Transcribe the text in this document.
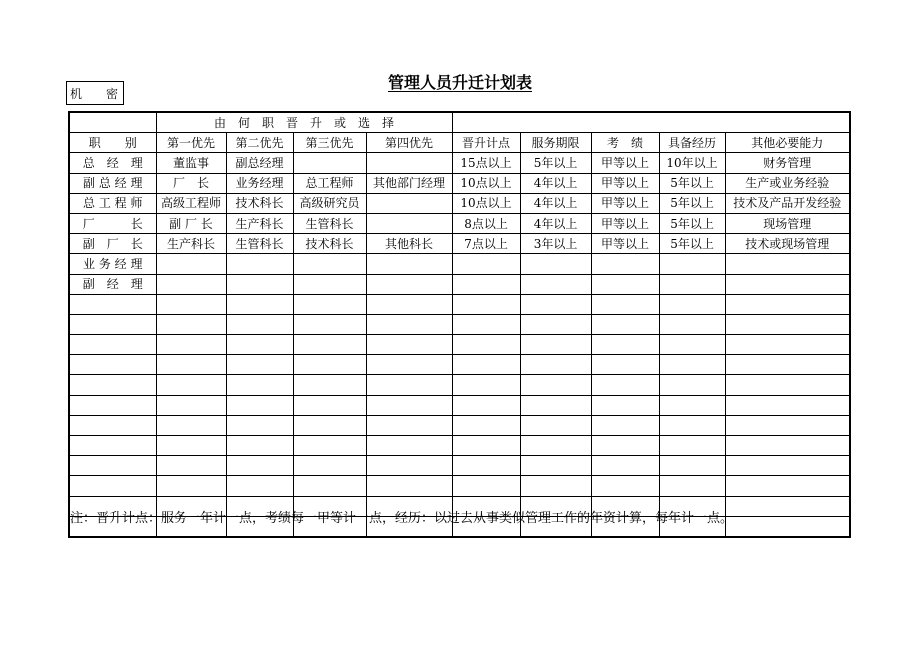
机　　密
管理人员升迁计划表
	由　何　职　晋　升　或　选　择								
职　　别	第一优先	第二优先	第三优先	第四优先	晋升计点	服务期限	考　绩	具备经历	其他必要能力
总　经　理	董监事	副总经理			15点以上	5年以上	甲等以上	10年以上	财务管理
副 总 经 理	厂　长	业务经理	总工程师	其他部门经理	10点以上	4年以上	甲等以上	5年以上	生产或业务经验
总 工 程 师	高级工程师	技术科长	高级研究员		10点以上	4年以上	甲等以上	5年以上	技术及产品开发经验
厂　　　长	副 厂 长	生产科长	生管科长		8点以上	4年以上	甲等以上	5年以上	现场管理
副　厂　长	生产科长	生管科长	技术科长	其他科长	7点以上	3年以上	甲等以上	5年以上	技术或现场管理
业 务 经 理									
副　经　理									

注：晋升计点：服务一年计一点，考绩每一甲等计一点，经历：以过去从事类似管理工作的年资计算，每年计一点。
